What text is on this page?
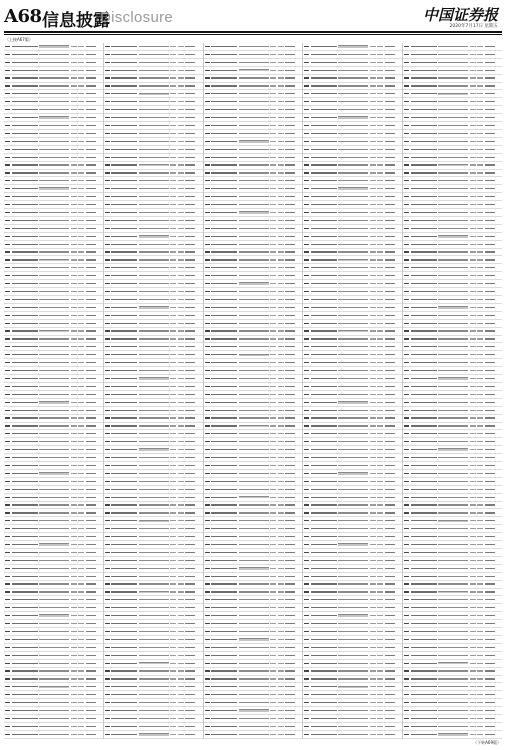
A68 信息披露
Disclosure	中国证券报
2020年7月17日 星期五
（上接A67版）
（下转A69版）
